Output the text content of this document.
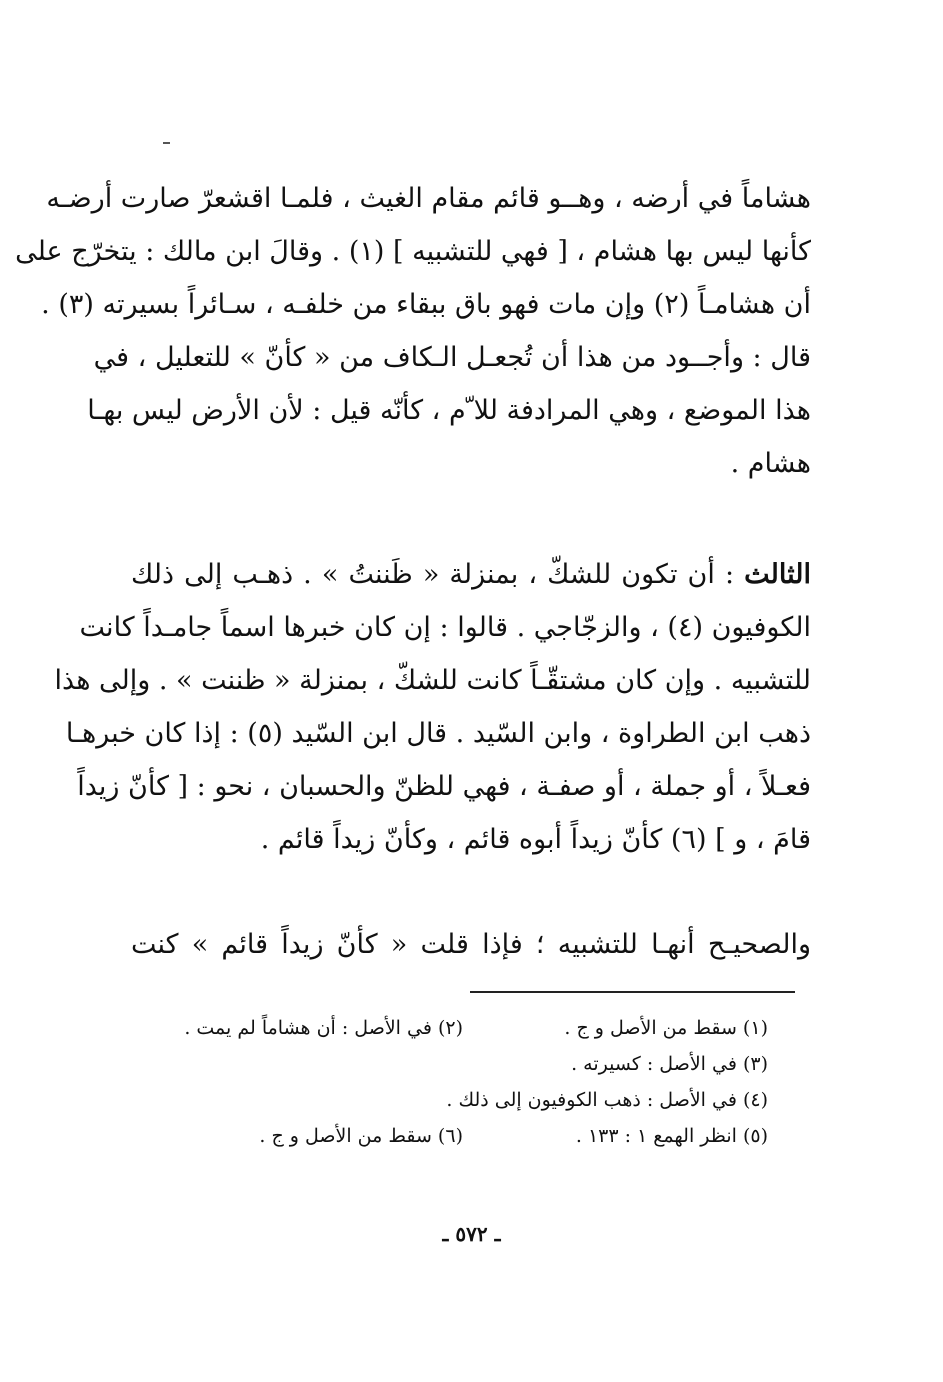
هشاماً في أرضه ، وهــو قائم مقام الغيث ، فلمـا اقشعرّ صارت أرضـه
كأنها ليس بها هشام ، [ فهي للتشبيه ] (١) . وقالَ ابن مالك : يتخرّج على
أن هشامـاً (٢) وإن مات فهو باق ببقاء من خلفـه ، سـائراً بسيرته (٣) .
قال : وأجــود من هذا أن تُجعـل الـكاف من « كأنّ » للتعليل ، في
هذا الموضع ، وهي المرادفة للا ّم ، كأنّه قيل : لأن الأرض ليس بهـا
هشام .
الثالث : أن تكون للشكّ ، بمنزلة « ظَننتُ » . ذهـب إلى ذلك
الكوفيون (٤) ، والزجّاجي . قالوا : إن كان خبرها اسماً جامـداً كانت
للتشبيه . وإن كان مشتقّـاً كانت للشكّ ، بمنزلة « ظننت » . وإلى هذا
ذهب ابن الطراوة ، وابن السّيد . قال ابن السّيد (٥) : إذا كان خبرهـا
فعـلاً ، أو جملة ، أو صفـة ، فهي للظنّ والحسبان ، نحو : [ كأنّ زيداً
قامَ ، و ] (٦) كأنّ زيداً أبوه قائم ، وكأنّ زيداً قائم .
والصحيـح أنهـا للتشبيه ؛ فإذا قلت « كأنّ زيداً قائم » كنت
(١) سقط من الأصل و ج .
(٢) في الأصل : أن هشاماً لم يمت .
(٣) في الأصل : كسيرته .
(٤) في الأصل : ذهب الكوفيون إلى ذلك .
(٥) انظر الهمع ١ : ١٣٣ .
(٦) سقط من الأصل و ج .
ـ ٥٧٢ ـ
